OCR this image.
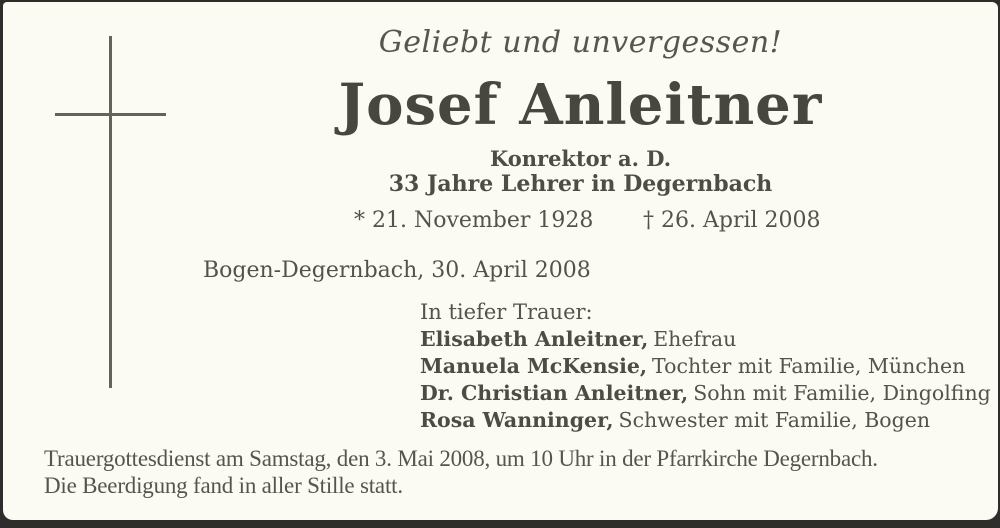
Geliebt und unvergessen!
Josef Anleitner
Konrektor a. D.
33 Jahre Lehrer in Degernbach
* 21. November 1928 † 26. April 2008
Bogen-Degernbach, 30. April 2008
In tiefer Trauer:
Elisabeth Anleitner, Ehefrau
Manuela McKensie, Tochter mit Familie, München
Dr. Christian Anleitner, Sohn mit Familie, Dingolfing
Rosa Wanninger, Schwester mit Familie, Bogen
Trauergottesdienst am Samstag, den 3. Mai 2008, um 10 Uhr in der Pfarrkirche Degernbach.
Die Beerdigung fand in aller Stille statt.
